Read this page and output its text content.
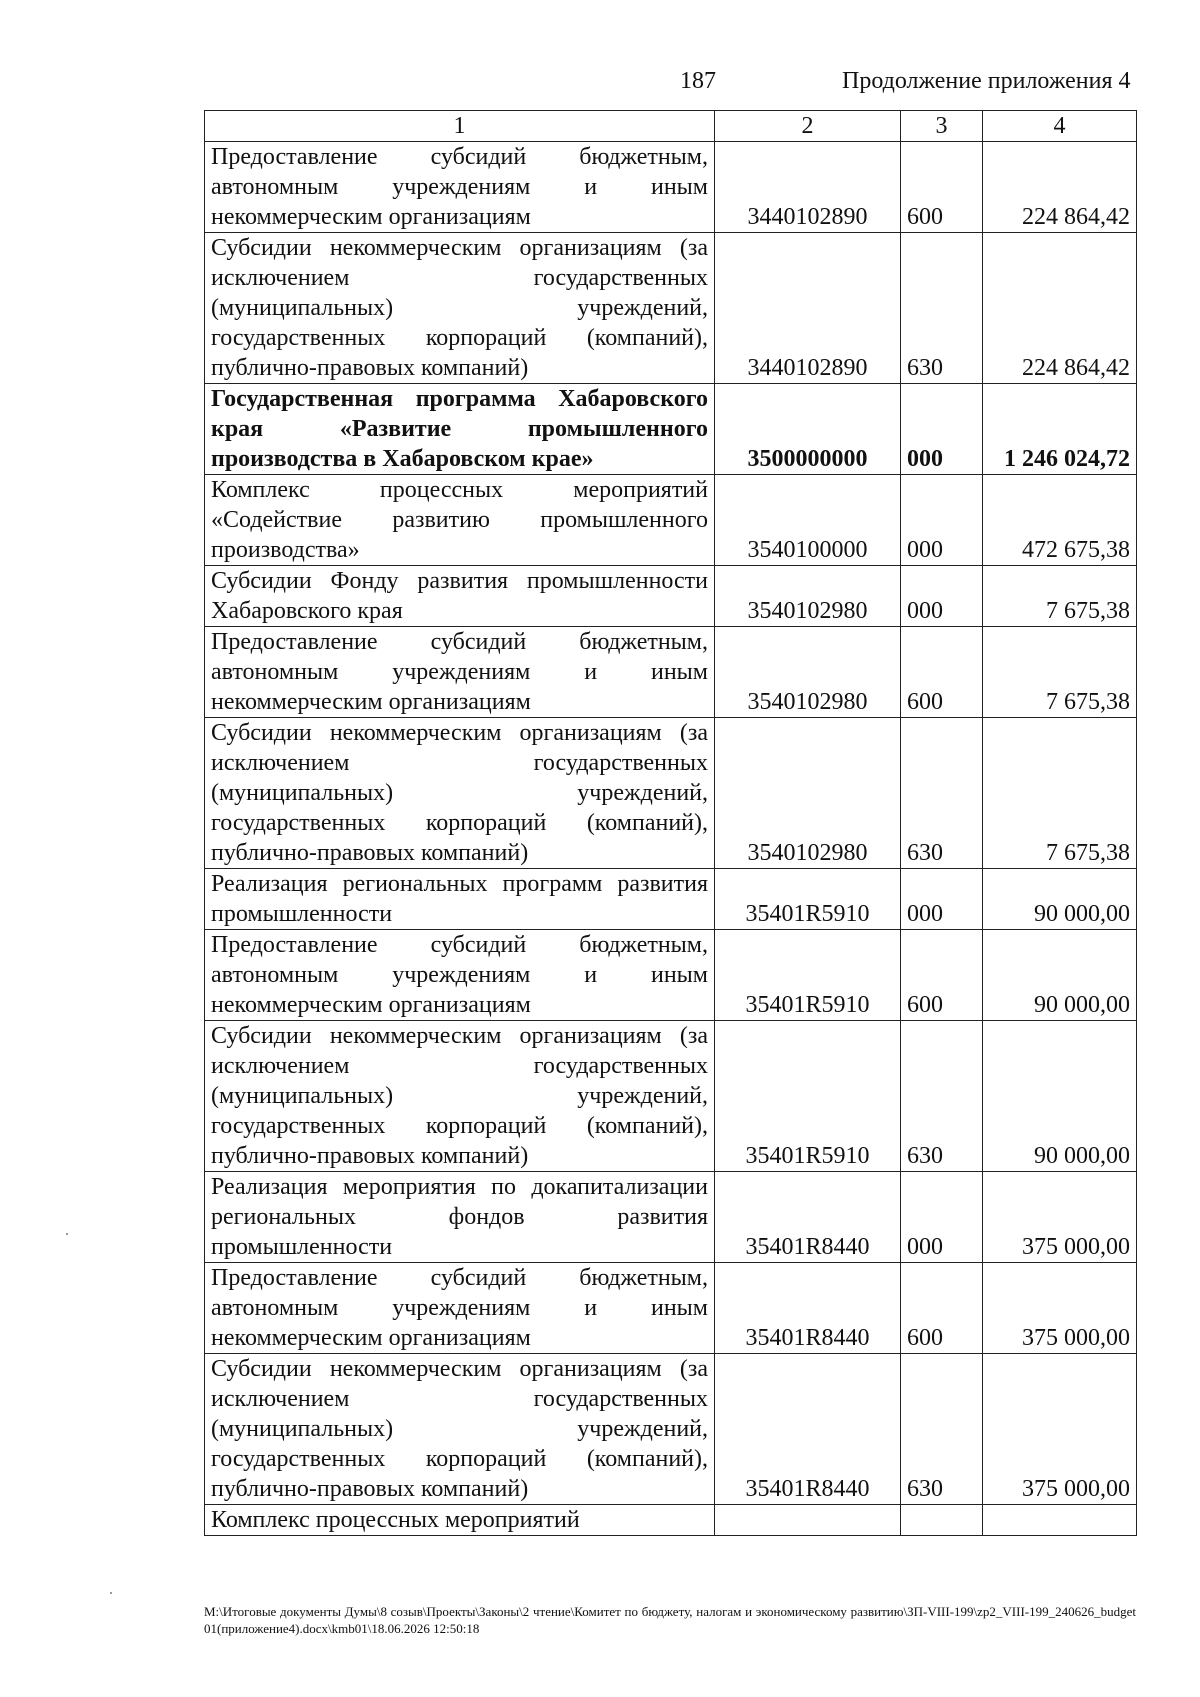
187	Продолжение приложения 4
1	2	3	4
Предоставление субсидий бюджетным, автономным учреждениям и иным некоммерческим организациям	3440102890	600	224 864,42
Субсидии некоммерческим организациям (за исключением государственных (муниципальных) учреждений, государственных корпораций (компаний), публично-правовых компаний)	3440102890	630	224 864,42
Государственная программа Хабаровского края «Развитие промышленного производства в Хабаровском крае»	3500000000	000	1 246 024,72
Комплекс процессных мероприятий «Содействие развитию промышленного производства»	3540100000	000	472 675,38
Субсидии Фонду развития промышленности Хабаровского края	3540102980	000	7 675,38
Предоставление субсидий бюджетным, автономным учреждениям и иным некоммерческим организациям	3540102980	600	7 675,38
Субсидии некоммерческим организациям (за исключением государственных (муниципальных) учреждений, государственных корпораций (компаний), публично-правовых компаний)	3540102980	630	7 675,38
Реализация региональных программ развития промышленности	35401R5910	000	90 000,00
Предоставление субсидий бюджетным, автономным учреждениям и иным некоммерческим организациям	35401R5910	600	90 000,00
Субсидии некоммерческим организациям (за исключением государственных (муниципальных) учреждений, государственных корпораций (компаний), публично-правовых компаний)	35401R5910	630	90 000,00
Реализация мероприятия по докапитализации региональных фондов развития промышленности	35401R8440	000	375 000,00
Предоставление субсидий бюджетным, автономным учреждениям и иным некоммерческим организациям	35401R8440	600	375 000,00
Субсидии некоммерческим организациям (за исключением государственных (муниципальных) учреждений, государственных корпораций (компаний), публично-правовых компаний)	35401R8440	630	375 000,00
Комплекс процессных мероприятий			
M:\Итоговые документы Думы\8 созыв\Проекты\Законы\2 чтение\Комитет по бюджету, налогам и экономическому развитию\ЗП-VIII-199\zp2_VIII-199_240626_budget01(приложение4).docx\kmb01\18.06.2026 12:50:18
